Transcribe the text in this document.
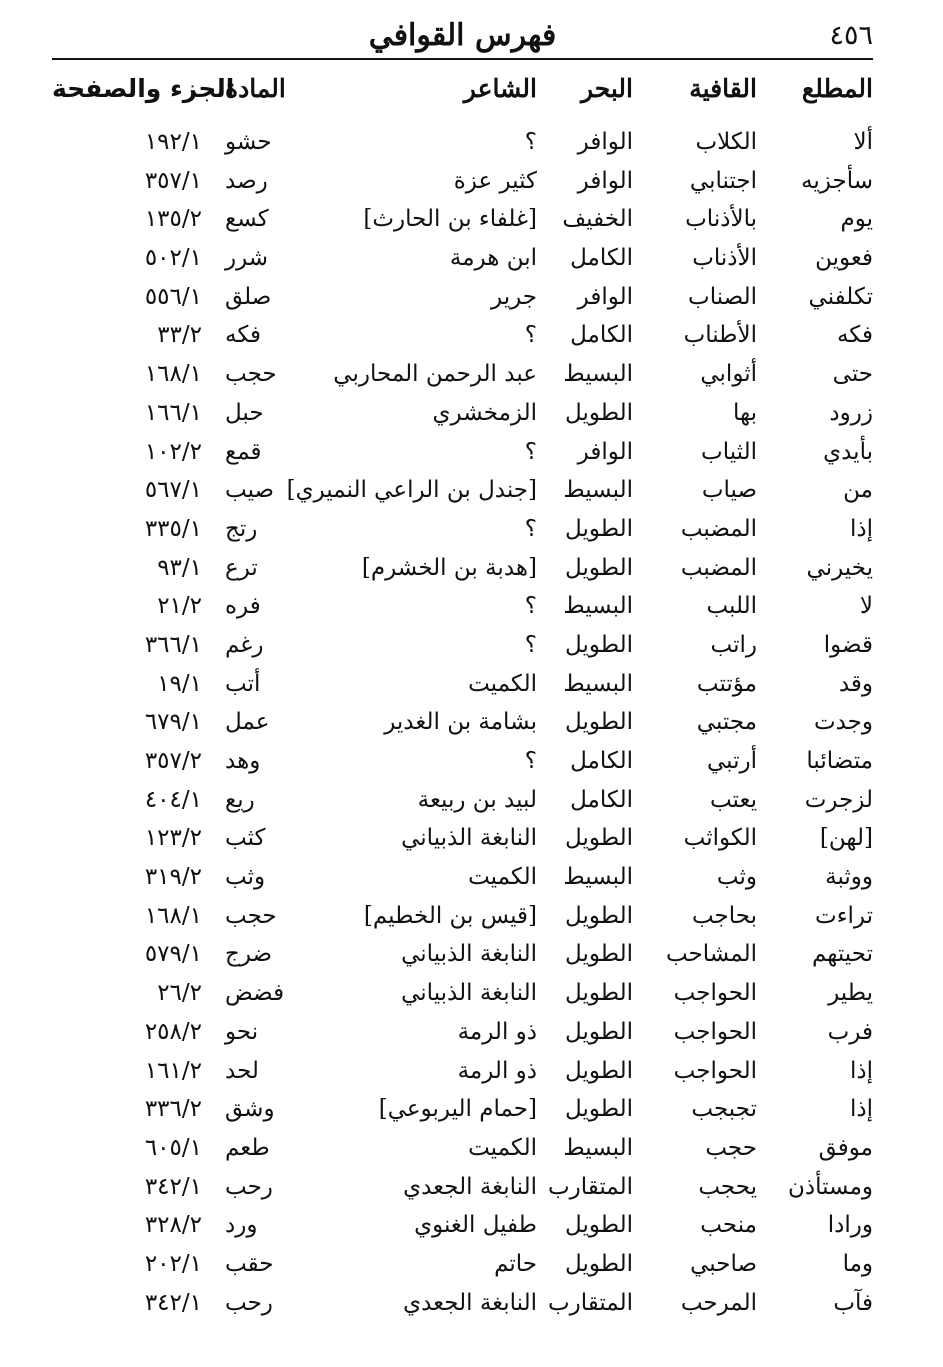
٤٥٦
فهرس القوافي
المطلع
القافية
البحر
الشاعر
المادة
الجزء والصفحة
ألا
الكلاب
الوافر
؟
حشو
١٩٢/١
سأجزيه
اجتنابي
الوافر
كثير عزة
رصد
٣٥٧/١
يوم
بالأذناب
الخفيف
[غلفاء بن الحارث]
كسع
١٣٥/٢
فعوين
الأذناب
الكامل
ابن هرمة
شرر
٥٠٢/١
تكلفني
الصناب
الوافر
جرير
صلق
٥٥٦/١
فكه
الأطناب
الكامل
؟
فكه
٣٣/٢
حتى
أثوابي
البسيط
عبد الرحمن المحاربي
حجب
١٦٨/١
زرود
بها
الطويل
الزمخشري
حبل
١٦٦/١
بأيدي
الثياب
الوافر
؟
قمع
١٠٢/٢
من
صياب
البسيط
[جندل بن الراعي النميري]
صيب
٥٦٧/١
إذا
المضبب
الطويل
؟
رتج
٣٣٥/١
يخيرني
المضبب
الطويل
[هدبة بن الخشرم]
ترع
٩٣/١
لا
اللبب
البسيط
؟
فره
٢١/٢
قضوا
راتب
الطويل
؟
رغم
٣٦٦/١
وقد
مؤتتب
البسيط
الكميت
أتب
١٩/١
وجدت
مجتبي
الطويل
بشامة بن الغدير
عمل
٦٧٩/١
متضائبا
أرتبي
الكامل
؟
وهد
٣٥٧/٢
لزجرت
يعتب
الكامل
لبيد بن ربيعة
ريع
٤٠٤/١
[لهن]
الكواثب
الطويل
النابغة الذبياني
كثب
١٢٣/٢
ووثبة
وثب
البسيط
الكميت
وثب
٣١٩/٢
تراءت
بحاجب
الطويل
[قيس بن الخطيم]
حجب
١٦٨/١
تحيتهم
المشاحب
الطويل
النابغة الذبياني
ضرج
٥٧٩/١
يطير
الحواجب
الطويل
النابغة الذبياني
فضض
٢٦/٢
فرب
الحواجب
الطويل
ذو الرمة
نحو
٢٥٨/٢
إذا
الحواجب
الطويل
ذو الرمة
لحد
١٦١/٢
إذا
تجبجب
الطويل
[حمام اليربوعي]
وشق
٣٣٦/٢
موفق
حجب
البسيط
الكميت
طعم
٦٠٥/١
ومستأذن
يحجب
المتقارب
النابغة الجعدي
رحب
٣٤٢/١
ورادا
منحب
الطويل
طفيل الغنوي
ورد
٣٢٨/٢
وما
صاحبي
الطويل
حاتم
حقب
٢٠٢/١
فآب
المرحب
المتقارب
النابغة الجعدي
رحب
٣٤٢/١
